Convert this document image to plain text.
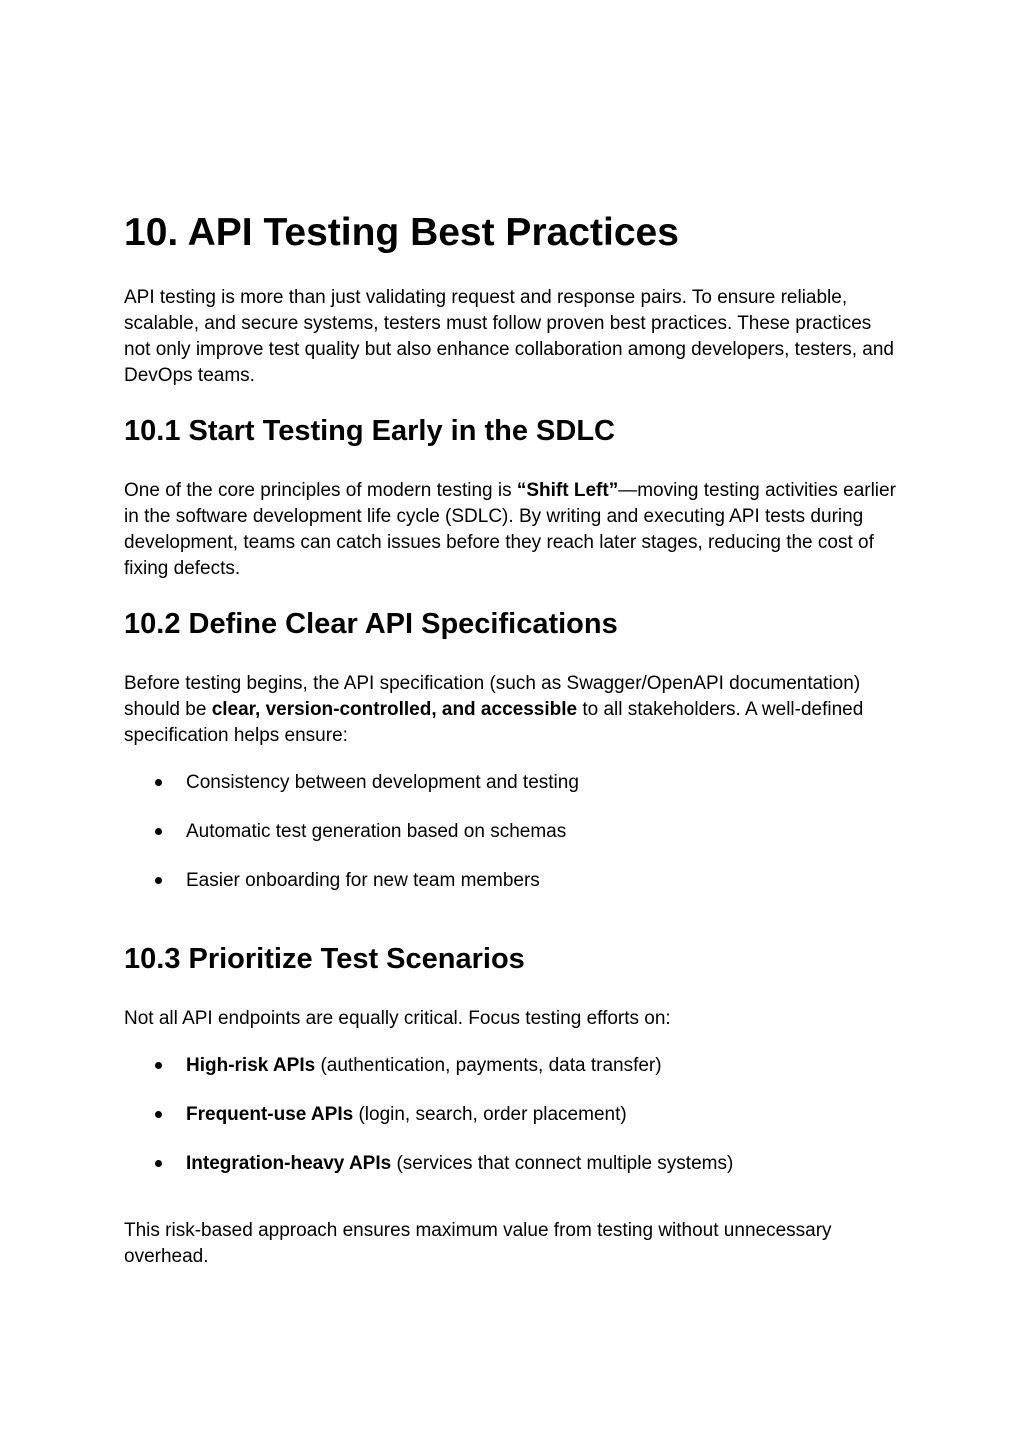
10. API Testing Best Practices

API testing is more than just validating request and response pairs. To ensure reliable, scalable, and secure systems, testers must follow proven best practices. These practices not only improve test quality but also enhance collaboration among developers, testers, and DevOps teams.

10.1 Start Testing Early in the SDLC

One of the core principles of modern testing is “Shift Left”—moving testing activities earlier in the software development life cycle (SDLC). By writing and executing API tests during development, teams can catch issues before they reach later stages, reducing the cost of fixing defects.

10.2 Define Clear API Specifications

Before testing begins, the API specification (such as Swagger/OpenAPI documentation) should be clear, version-controlled, and accessible to all stakeholders. A well-defined specification helps ensure:

Consistency between development and testing
Automatic test generation based on schemas
Easier onboarding for new team members
10.3 Prioritize Test Scenarios

Not all API endpoints are equally critical. Focus testing efforts on:

High-risk APIs (authentication, payments, data transfer)
Frequent-use APIs (login, search, order placement)
Integration-heavy APIs (services that connect multiple systems)

This risk-based approach ensures maximum value from testing without unnecessary overhead.
